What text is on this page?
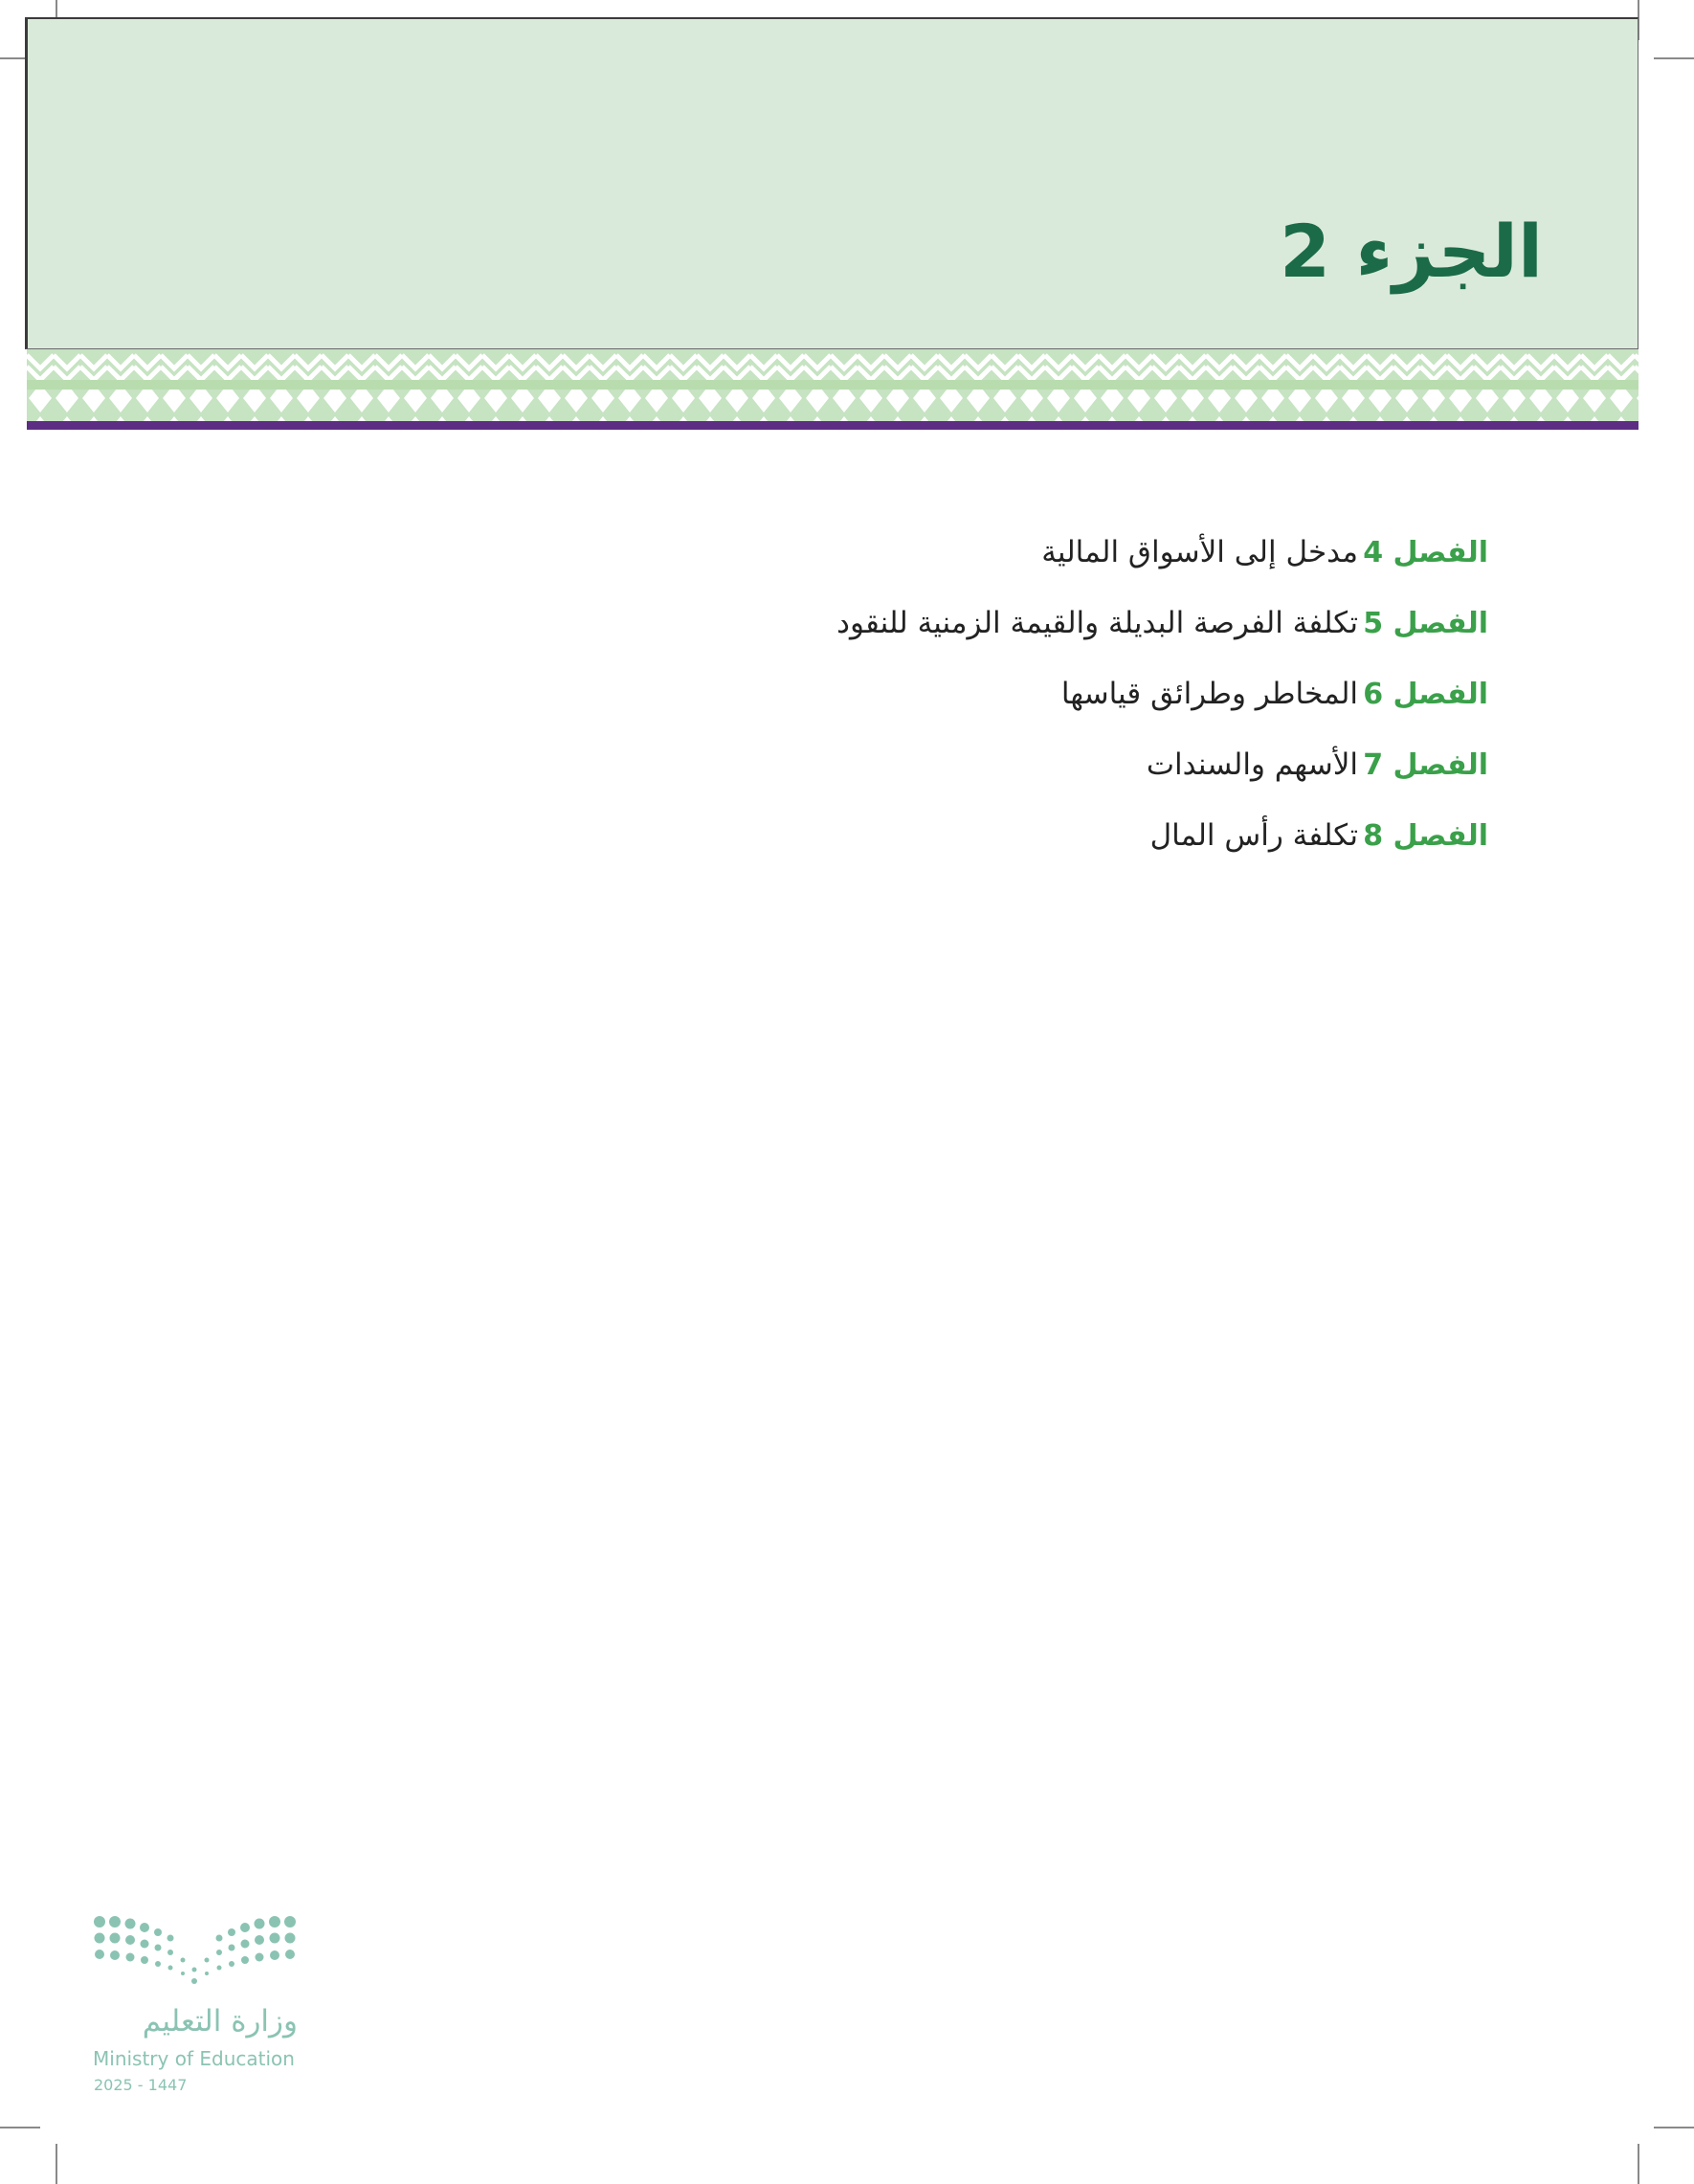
الجزء 2
الفصل 4
مدخل إلى الأسواق المالية
الفصل 5
تكلفة الفرصة البديلة والقيمة الزمنية للنقود
الفصل 6
المخاطر وطرائق قياسها
الفصل 7
الأسهم والسندات
الفصل 8
تكلفة رأس المال
وزارة التعليم
Ministry of Education
2025 - 1447
